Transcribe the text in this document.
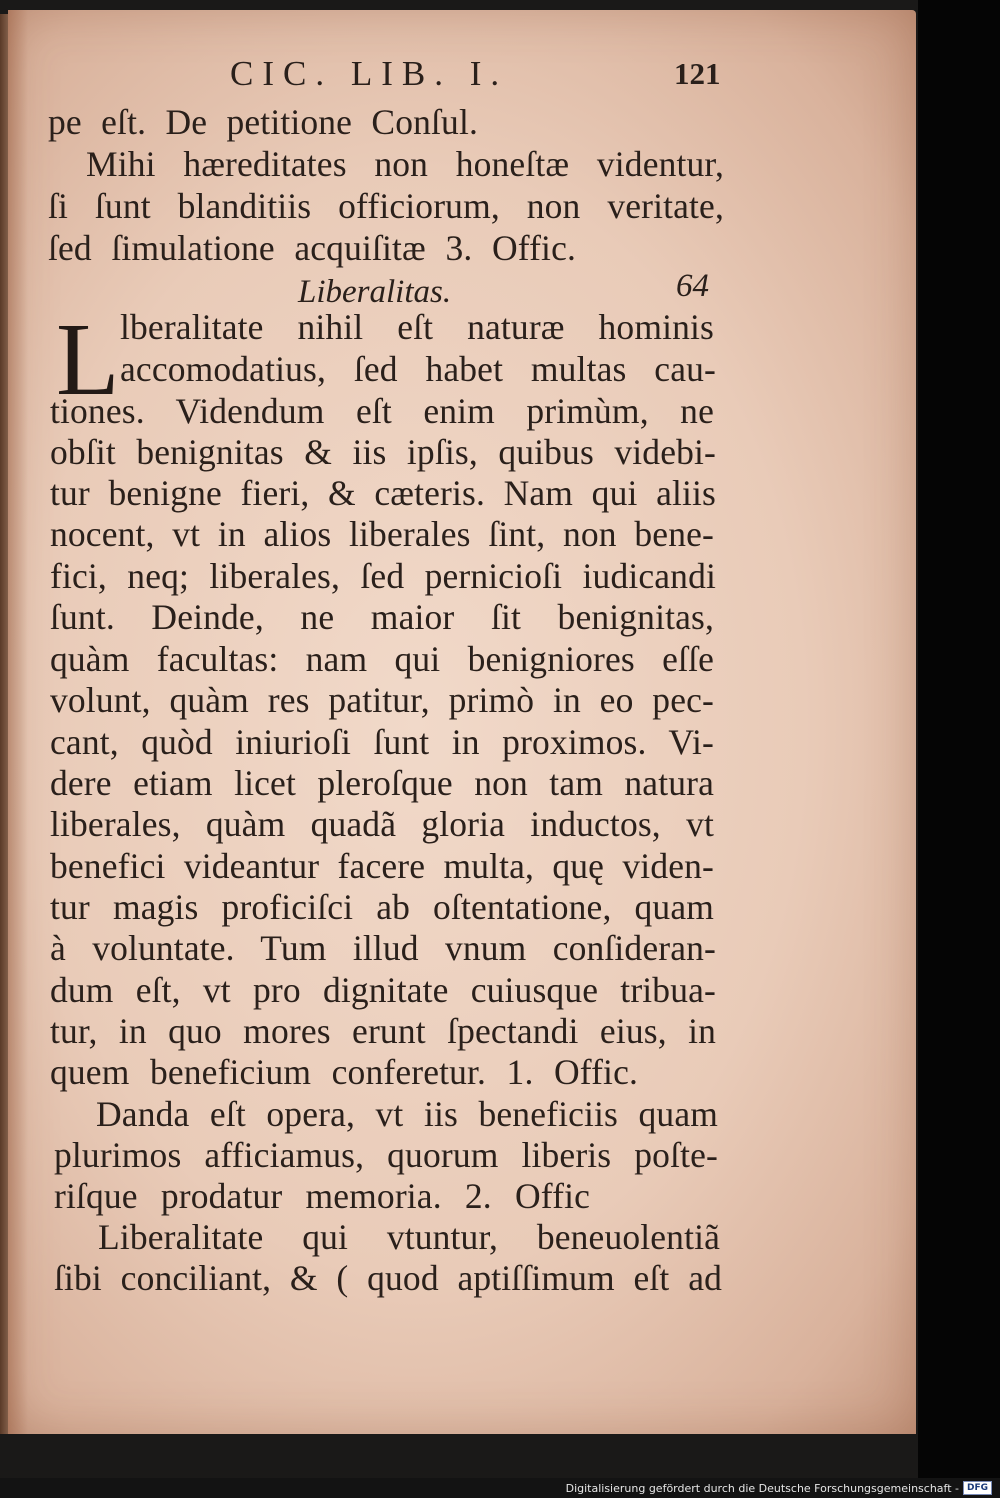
CIC. LIB. I.	121
pe eſt. De petitione Conſul.
Mihi hæreditates non honeſtæ videntur,
ſi ſunt blanditiis officiorum, non veritate,
ſed ſimulatione acquiſitæ 3. Offic.
Liberalitas.	64
L lberalitate nihil eſt naturæ hominis
accomodatius, ſed habet multas cau-
tiones. Videndum eſt enim primùm, ne
obſit benignitas & iis ipſis, quibus videbi-
tur benigne fieri, & cæteris. Nam qui aliis
nocent, vt in alios liberales ſint, non bene-
fici, neq; liberales, ſed pernicioſi iudicandi
ſunt. Deinde, ne maior ſit benignitas,
quàm facultas: nam qui benigniores eſſe
volunt, quàm res patitur, primò in eo pec-
cant, quòd iniurioſi ſunt in proximos. Vi-
dere etiam licet pleroſque non tam natura
liberales, quàm quadã gloria inductos, vt
benefici videantur facere multa, quę viden-
tur magis proficiſci ab oſtentatione, quam
à voluntate. Tum illud vnum conſideran-
dum eſt, vt pro dignitate cuiusque tribua-
tur, in quo mores erunt ſpectandi eius, in
quem beneficium conferetur. 1. Offic.
Danda eſt opera, vt iis beneficiis quam
plurimos afficiamus, quorum liberis poſte-
riſque prodatur memoria. 2. Offic
Liberalitate qui vtuntur, beneuolentiã
ſibi conciliant, & ( quod aptiſſimum eſt ad
Digitalisierung gefördert durch die Deutsche Forschungsgemeinschaft - DFG
